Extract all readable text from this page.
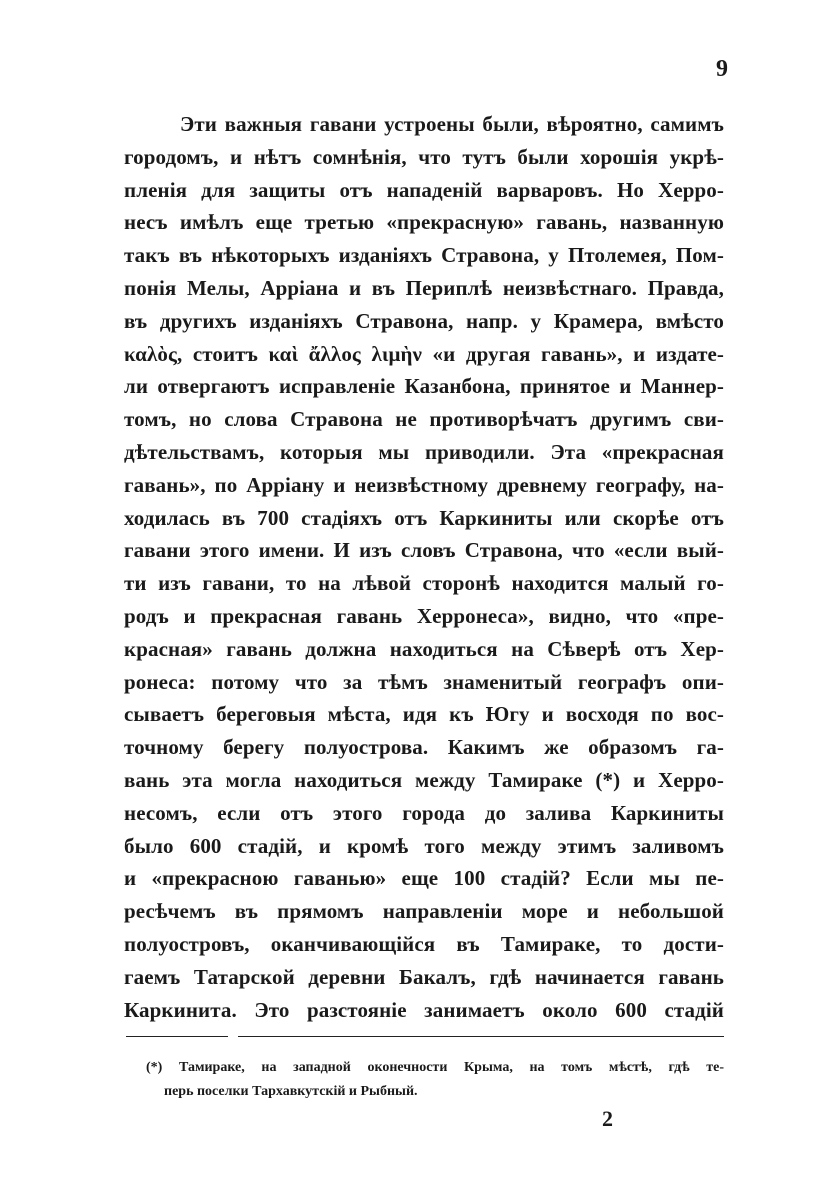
9
Эти важныя гавани устроены были, вѣроятно, самимъ
городомъ, и нѣтъ сомнѣнія, что тутъ были хорошія укрѣ-
пленія для защиты отъ нападеній варваровъ. Но Херро-
несъ имѣлъ еще третью «прекрасную» гавань, названную
такъ въ нѣкоторыхъ изданіяхъ Стравона, у Птолемея, Пом-
понія Мелы, Арріана и въ Периплѣ неизвѣстнаго. Правда,
въ другихъ изданіяхъ Стравона, напр. у Крамера, вмѣсто
καλὸς, стоитъ καὶ ἄλλος λιμὴν «и другая гавань», и издате-
ли отвергаютъ исправленіе Казанбона, принятое и Маннер-
томъ, но слова Стравона не противорѣчатъ другимъ сви-
дѣтельствамъ, которыя мы приводили. Эта «прекрасная
гавань», по Арріану и неизвѣстному древнему географу, на-
ходилась въ 700 стадіяхъ отъ Каркиниты или скорѣе отъ
гавани этого имени. И изъ словъ Стравона, что «если вый-
ти изъ гавани, то на лѣвой сторонѣ находится малый го-
родъ и прекрасная гавань Херронеса», видно, что «пре-
красная» гавань должна находиться на Сѣверѣ отъ Хер-
ронеса: потому что за тѣмъ знаменитый географъ опи-
сываетъ береговыя мѣста, идя къ Югу и восходя по вос-
точному берегу полуострова. Какимъ же образомъ га-
вань эта могла находиться между Тамираке (*) и Херро-
несомъ, если отъ этого города до залива Каркиниты
было 600 стадій, и кромѣ того между этимъ заливомъ
и «прекрасною гаванью» еще 100 стадій? Если мы пе-
ресѣчемъ въ прямомъ направленіи море и небольшой
полуостровъ, оканчивающійся въ Тамираке, то дости-
гаемъ Татарской деревни Бакалъ, гдѣ начинается гавань
Каркинита. Это разстояніе занимаетъ около 600 стадій
(*) Тамираке, на западной оконечности Крыма, на томъ мѣстѣ, гдѣ те-
перь поселки Тархавкутскій и Рыбный.
2
